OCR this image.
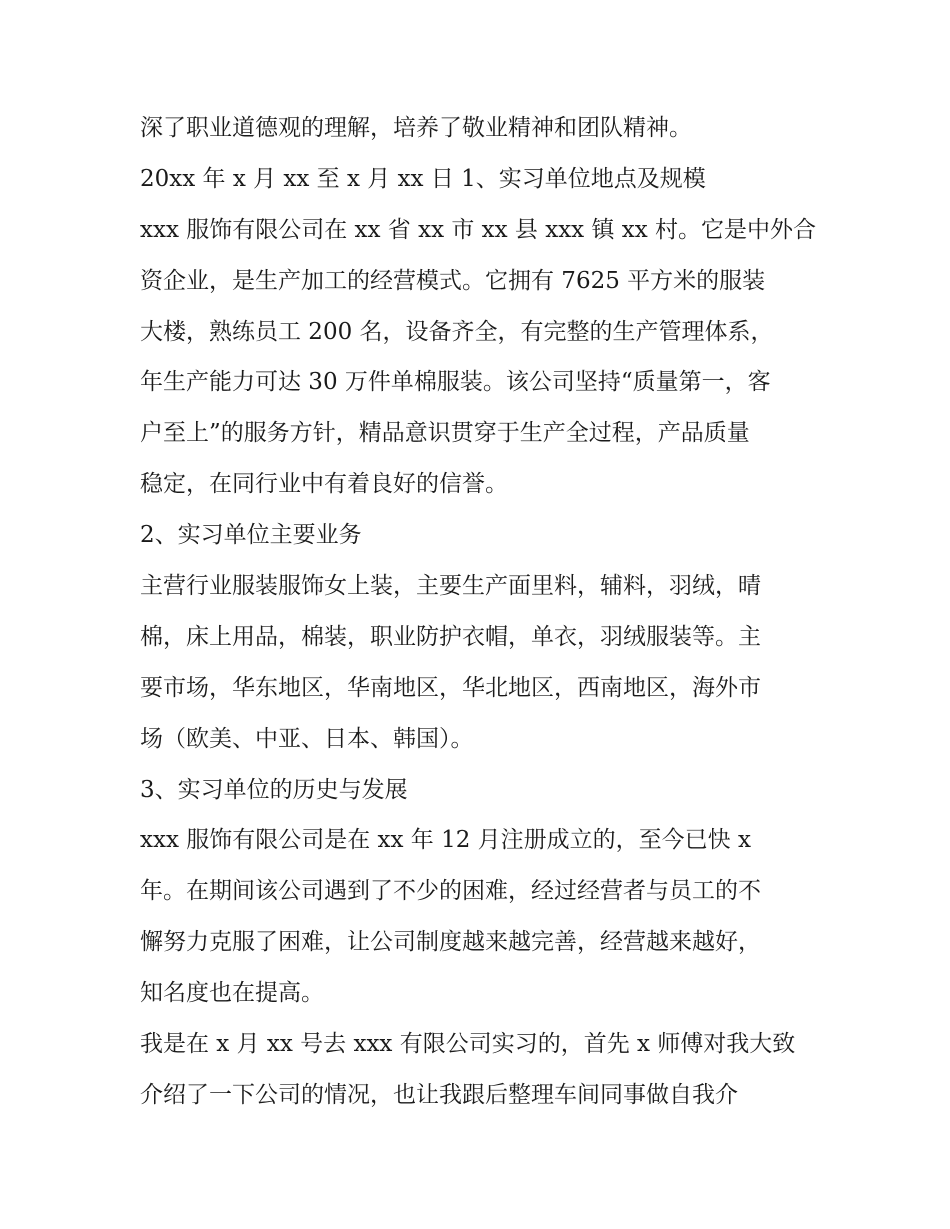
深了职业道德观的理解，培养了敬业精神和团队精神。
20xx 年 x 月 xx 至 x 月 xx 日 1、实习单位地点及规模
xxx 服饰有限公司在 xx 省 xx 市 xx 县 xxx 镇 xx 村。它是中外合
资企业，是生产加工的经营模式。它拥有 7625 平方米的服装
大楼，熟练员工 200 名，设备齐全，有完整的生产管理体系，
年生产能力可达 30 万件单棉服装。该公司坚持“质量第一，客
户至上”的服务方针，精品意识贯穿于生产全过程，产品质量
稳定，在同行业中有着良好的信誉。
2、实习单位主要业务
主营行业服装服饰女上装，主要生产面里料，辅料，羽绒，晴
棉，床上用品，棉装，职业防护衣帽，单衣，羽绒服装等。主
要市场，华东地区，华南地区，华北地区，西南地区，海外市
场（欧美、中亚、日本、韩国）。
3、实习单位的历史与发展
xxx 服饰有限公司是在 xx 年 12 月注册成立的，至今已快 x
年。在期间该公司遇到了不少的困难，经过经营者与员工的不
懈努力克服了困难，让公司制度越来越完善，经营越来越好，
知名度也在提高。
我是在 x 月 xx 号去 xxx 有限公司实习的，首先 x 师傅对我大致
介绍了一下公司的情况，也让我跟后整理车间同事做自我介
